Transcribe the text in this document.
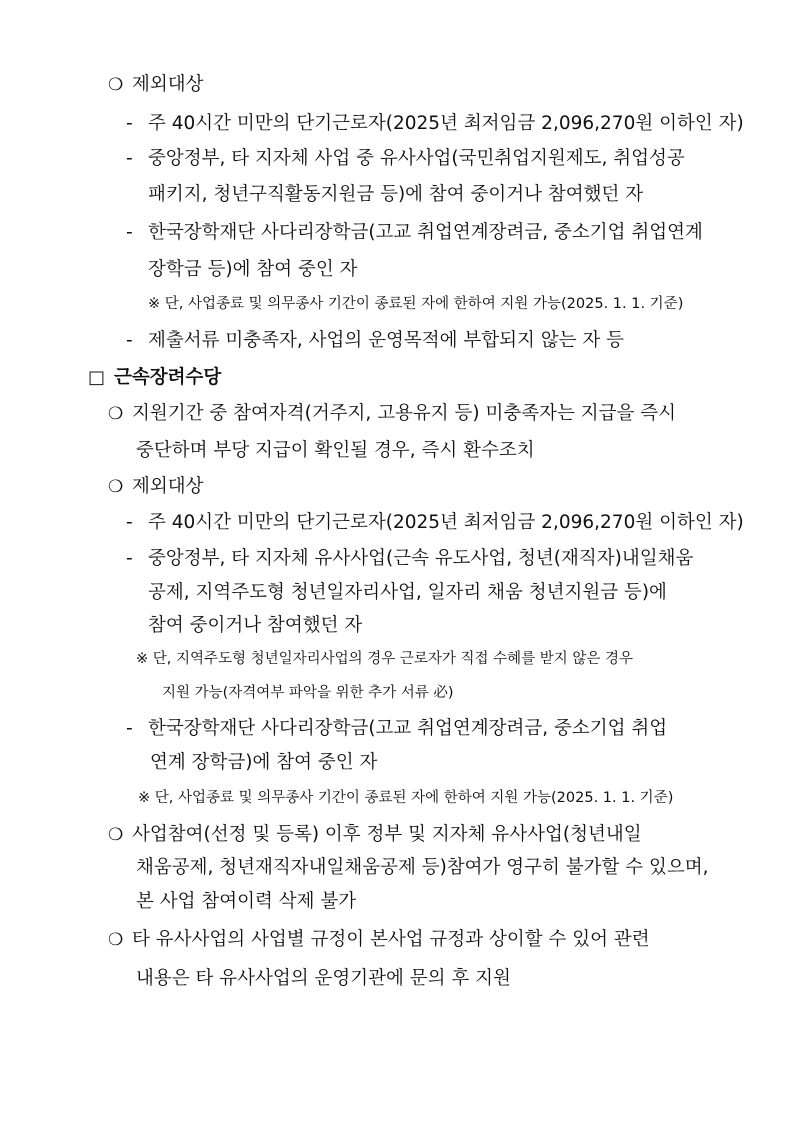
❍ 제외대상
- 주 40시간 미만의 단기근로자(2025년 최저임금 2,096,270원 이하인 자)
- 중앙정부, 타 지자체 사업 중 유사사업(국민취업지원제도, 취업성공
패키지, 청년구직활동지원금 등)에 참여 중이거나 참여했던 자
- 한국장학재단 사다리장학금(고교 취업연계장려금, 중소기업 취업연계
장학금 등)에 참여 중인 자
※ 단, 사업종료 및 의무종사 기간이 종료된 자에 한하여 지원 가능(2025. 1. 1. 기준)
- 제출서류 미충족자, 사업의 운영목적에 부합되지 않는 자 등
□ 근속장려수당
❍ 지원기간 중 참여자격(거주지, 고용유지 등) 미충족자는 지급을 즉시
중단하며 부당 지급이 확인될 경우, 즉시 환수조치
❍ 제외대상
- 주 40시간 미만의 단기근로자(2025년 최저임금 2,096,270원 이하인 자)
- 중앙정부, 타 지자체 유사사업(근속 유도사업, 청년(재직자)내일채움
공제, 지역주도형 청년일자리사업, 일자리 채움 청년지원금 등)에
참여 중이거나 참여했던 자
※ 단, 지역주도형 청년일자리사업의 경우 근로자가 직접 수혜를 받지 않은 경우
지원 가능(자격여부 파악을 위한 추가 서류 必)
- 한국장학재단 사다리장학금(고교 취업연계장려금, 중소기업 취업
연계 장학금)에 참여 중인 자
※ 단, 사업종료 및 의무종사 기간이 종료된 자에 한하여 지원 가능(2025. 1. 1. 기준)
❍ 사업참여(선정 및 등록) 이후 정부 및 지자체 유사사업(청년내일
채움공제, 청년재직자내일채움공제 등)참여가 영구히 불가할 수 있으며,
본 사업 참여이력 삭제 불가
❍ 타 유사사업의 사업별 규정이 본사업 규정과 상이할 수 있어 관련
내용은 타 유사사업의 운영기관에 문의 후 지원
